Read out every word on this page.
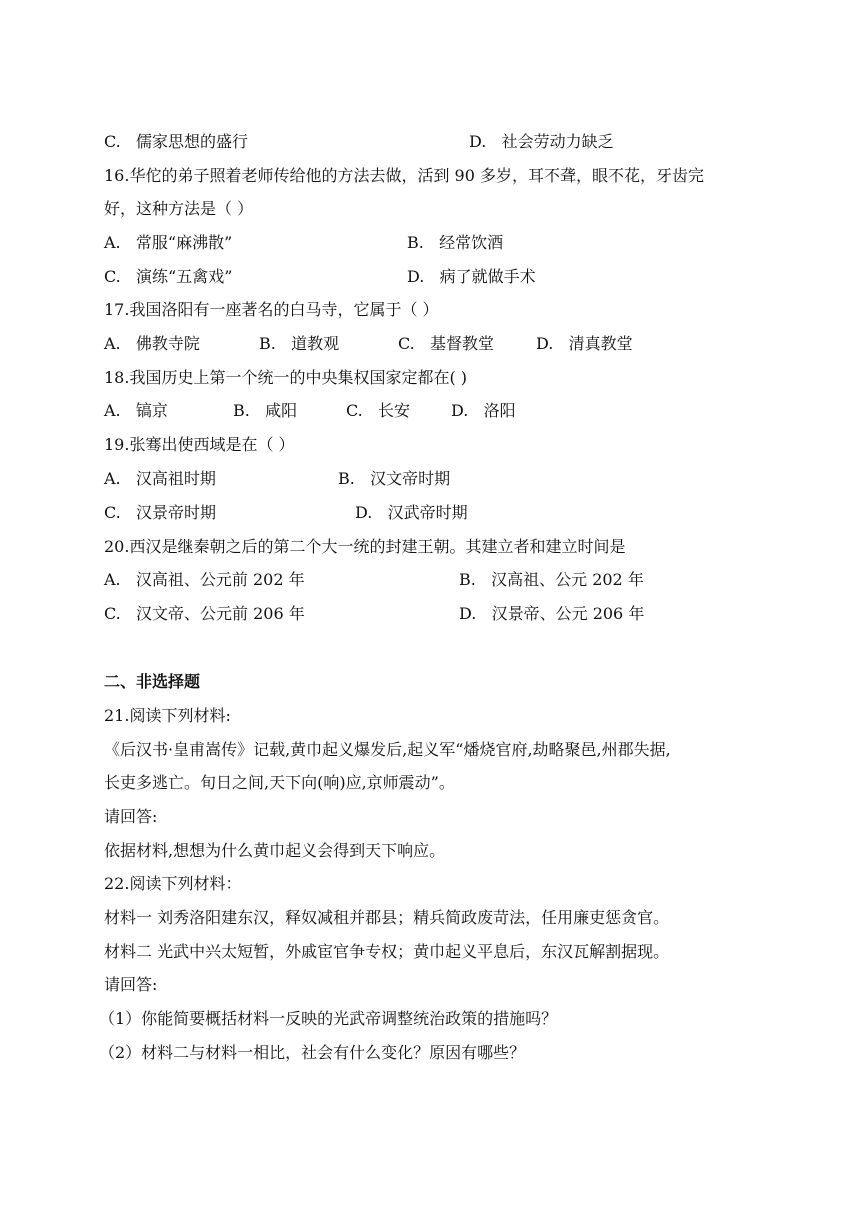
C. 儒家思想的盛行	D. 社会劳动力缺乏
16.华佗的弟子照着老师传给他的方法去做，活到 90 多岁，耳不聋，眼不花，牙齿完
好，这种方法是（ ）
A. 常服“麻沸散”	B. 经常饮酒
C. 演练“五禽戏”	D. 病了就做手术
17.我国洛阳有一座著名的白马寺，它属于（ ）
A. 佛教寺院	B. 道教观	C. 基督教堂	D. 清真教堂
18.我国历史上第一个统一的中央集权国家定都在( )
A. 镐京	B. 咸阳	C. 长安	D. 洛阳
19.张骞出使西域是在（ ）
A. 汉高祖时期	B. 汉文帝时期
C. 汉景帝时期	D. 汉武帝时期
20.西汉是继秦朝之后的第二个大一统的封建王朝。其建立者和建立时间是
A. 汉高祖、公元前 202 年	B. 汉高祖、公元 202 年
C. 汉文帝、公元前 206 年	D. 汉景帝、公元 206 年
二、非选择题
21.阅读下列材料:
《后汉书·皇甫嵩传》记载,黄巾起义爆发后,起义军“燔烧官府,劫略聚邑,州郡失据,
长吏多逃亡。旬日之间,天下向(响)应,京师震动”。
请回答:
依据材料,想想为什么黄巾起义会得到天下响应。
22.阅读下列材料：
材料一 刘秀洛阳建东汉，释奴减租并郡县；精兵简政废苛法，任用廉吏惩贪官。
材料二 光武中兴太短暂，外戚宦官争专权；黄巾起义平息后，东汉瓦解割据现。
请回答:
（1）你能简要概括材料一反映的光武帝调整统治政策的措施吗？
（2）材料二与材料一相比，社会有什么变化？原因有哪些？
